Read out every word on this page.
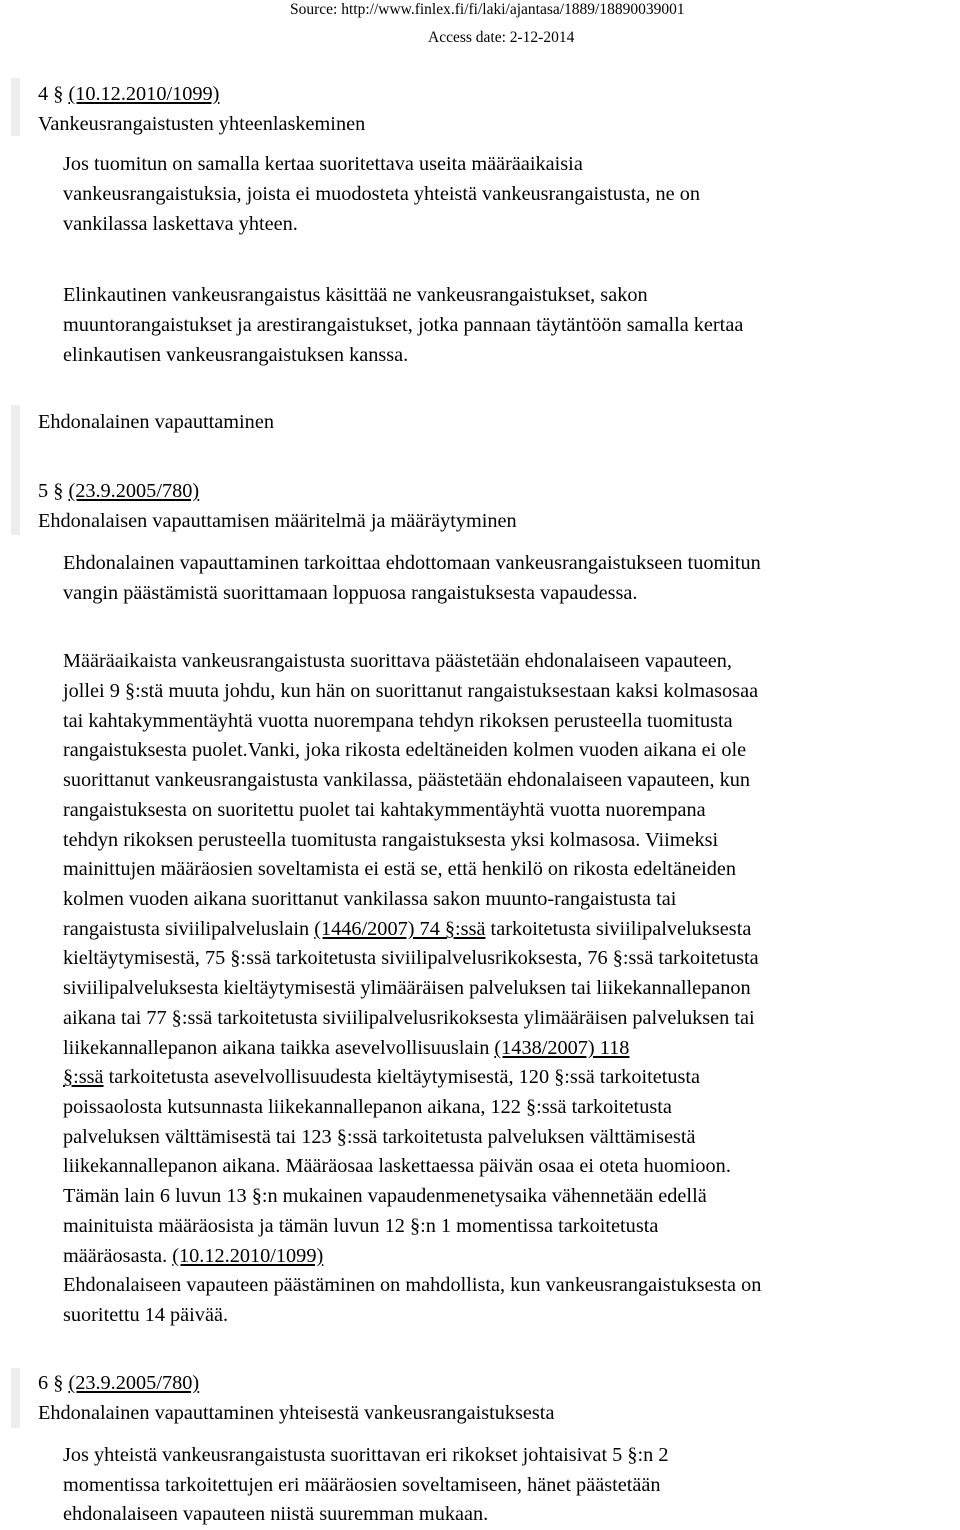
Source: http://www.finlex.fi/fi/laki/ajantasa/1889/18890039001
Access date: 2-12-2014
4 § (10.12.2010/1099)
Vankeusrangaistusten yhteenlaskeminen
Jos tuomitun on samalla kertaa suoritettava useita määräaikaisia
vankeusrangaistuksia, joista ei muodosteta yhteistä vankeusrangaistusta, ne on
vankilassa laskettava yhteen.
Elinkautinen vankeusrangaistus käsittää ne vankeusrangaistukset, sakon
muuntorangaistukset ja arestirangaistukset, jotka pannaan täytäntöön samalla kertaa
elinkautisen vankeusrangaistuksen kanssa.
Ehdonalainen vapauttaminen
5 § (23.9.2005/780)
Ehdonalaisen vapauttamisen määritelmä ja määräytyminen
Ehdonalainen vapauttaminen tarkoittaa ehdottomaan vankeusrangaistukseen tuomitun
vangin päästämistä suorittamaan loppuosa rangaistuksesta vapaudessa.
Määräaikaista vankeusrangaistusta suorittava päästetään ehdonalaiseen vapauteen,
jollei 9 §:stä muuta johdu, kun hän on suorittanut rangaistuksestaan kaksi kolmasosaa
tai kahtakymmentäyhtä vuotta nuorempana tehdyn rikoksen perusteella tuomitusta
rangaistuksesta puolet.Vanki, joka rikosta edeltäneiden kolmen vuoden aikana ei ole
suorittanut vankeusrangaistusta vankilassa, päästetään ehdonalaiseen vapauteen, kun
rangaistuksesta on suoritettu puolet tai kahtakymmentäyhtä vuotta nuorempana
tehdyn rikoksen perusteella tuomitusta rangaistuksesta yksi kolmasosa. Viimeksi
mainittujen määräosien soveltamista ei estä se, että henkilö on rikosta edeltäneiden
kolmen vuoden aikana suorittanut vankilassa sakon muunto-rangaistusta tai
rangaistusta siviilipalveluslain (1446/2007) 74 §:ssä tarkoitetusta siviilipalveluksesta
kieltäytymisestä, 75 §:ssä tarkoitetusta siviilipalvelusrikoksesta, 76 §:ssä tarkoitetusta
siviilipalveluksesta kieltäytymisestä ylimääräisen palveluksen tai liikekannallepanon
aikana tai 77 §:ssä tarkoitetusta siviilipalvelusrikoksesta ylimääräisen palveluksen tai
liikekannallepanon aikana taikka asevelvollisuuslain (1438/2007) 118
§:ssä tarkoitetusta asevelvollisuudesta kieltäytymisestä, 120 §:ssä tarkoitetusta
poissaolosta kutsunnasta liikekannallepanon aikana, 122 §:ssä tarkoitetusta
palveluksen välttämisestä tai 123 §:ssä tarkoitetusta palveluksen välttämisestä
liikekannallepanon aikana. Määräosaa laskettaessa päivän osaa ei oteta huomioon.
Tämän lain 6 luvun 13 §:n mukainen vapaudenmenetysaika vähennetään edellä
mainituista määräosista ja tämän luvun 12 §:n 1 momentissa tarkoitetusta
määräosasta. (10.12.2010/1099)
Ehdonalaiseen vapauteen päästäminen on mahdollista, kun vankeusrangaistuksesta on
suoritettu 14 päivää.
6 § (23.9.2005/780)
Ehdonalainen vapauttaminen yhteisestä vankeusrangaistuksesta
Jos yhteistä vankeusrangaistusta suorittavan eri rikokset johtaisivat 5 §:n 2
momentissa tarkoitettujen eri määräosien soveltamiseen, hänet päästetään
ehdonalaiseen vapauteen niistä suuremman mukaan.
